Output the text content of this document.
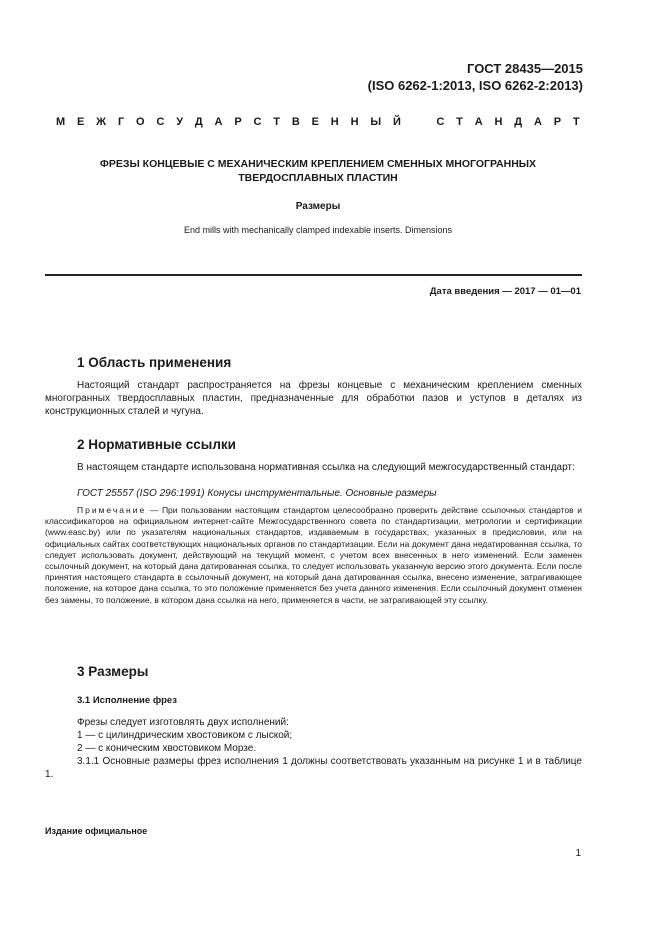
ГОСТ 28435—2015
(ISO 6262-1:2013, ISO 6262-2:2013)
М Е Ж Г О С У Д А Р С Т В Е Н Н Ы Й	С Т А Н Д А Р Т
ФРЕЗЫ КОНЦЕВЫЕ С МЕХАНИЧЕСКИМ КРЕПЛЕНИЕМ СМЕННЫХ МНОГОГРАННЫХ
ТВЕРДОСПЛАВНЫХ ПЛАСТИН
Размеры
End mills with mechanically clamped indexable inserts. Dimensions
Дата введения — 2017 — 01—01
1 Область применения
Настоящий стандарт распространяется на фрезы концевые с механическим креплением сменных многогранных твердосплавных пластин, предназначенные для обработки пазов и уступов в деталях из конструкционных сталей и чугуна.
2 Нормативные ссылки
В настоящем стандарте использована нормативная ссылка на следующий межгосударственный стандарт:
ГОСТ 25557 (ISO 296:1991) Конусы инструментальные. Основные размеры
Примечание — При пользовании настоящим стандартом целесообразно проверить действие ссылочных стандартов и классификаторов на официальном интернет-сайте Межгосударственного совета по стандартизации, метрологии и сертификации (www.easc.by) или по указателям национальных стандартов, издаваемым в государствах, указанных в предисловии, или на официальных сайтах соответствующих национальных органов по стандартизации. Если на документ дана недатированная ссылка, то следует использовать документ, действующий на текущий момент, с учетом всех внесенных в него изменений. Если заменен ссылочный документ, на который дана датированная ссылка, то следует использовать указанную версию этого документа. Если после принятия настоящего стандарта в ссылочный документ, на который дана датированная ссылка, внесено изменение, затрагивающее положение, на которое дана ссылка, то это положение применяется без учета данного изменения. Если ссылочный документ отменен без замены, то положение, в котором дана ссылка на него, применяется в части, не затрагивающей эту ссылку.
3 Размеры
3.1 Исполнение фрез
Фрезы следует изготовлять двух исполнений:
1 — с цилиндрическим хвостовиком с лыской;
2 — с коническим хвостовиком Морзе.
3.1.1 Основные размеры фрез исполнения 1 должны соответствовать указанным на рисунке 1 и в таблице 1.
Издание официальное
1
